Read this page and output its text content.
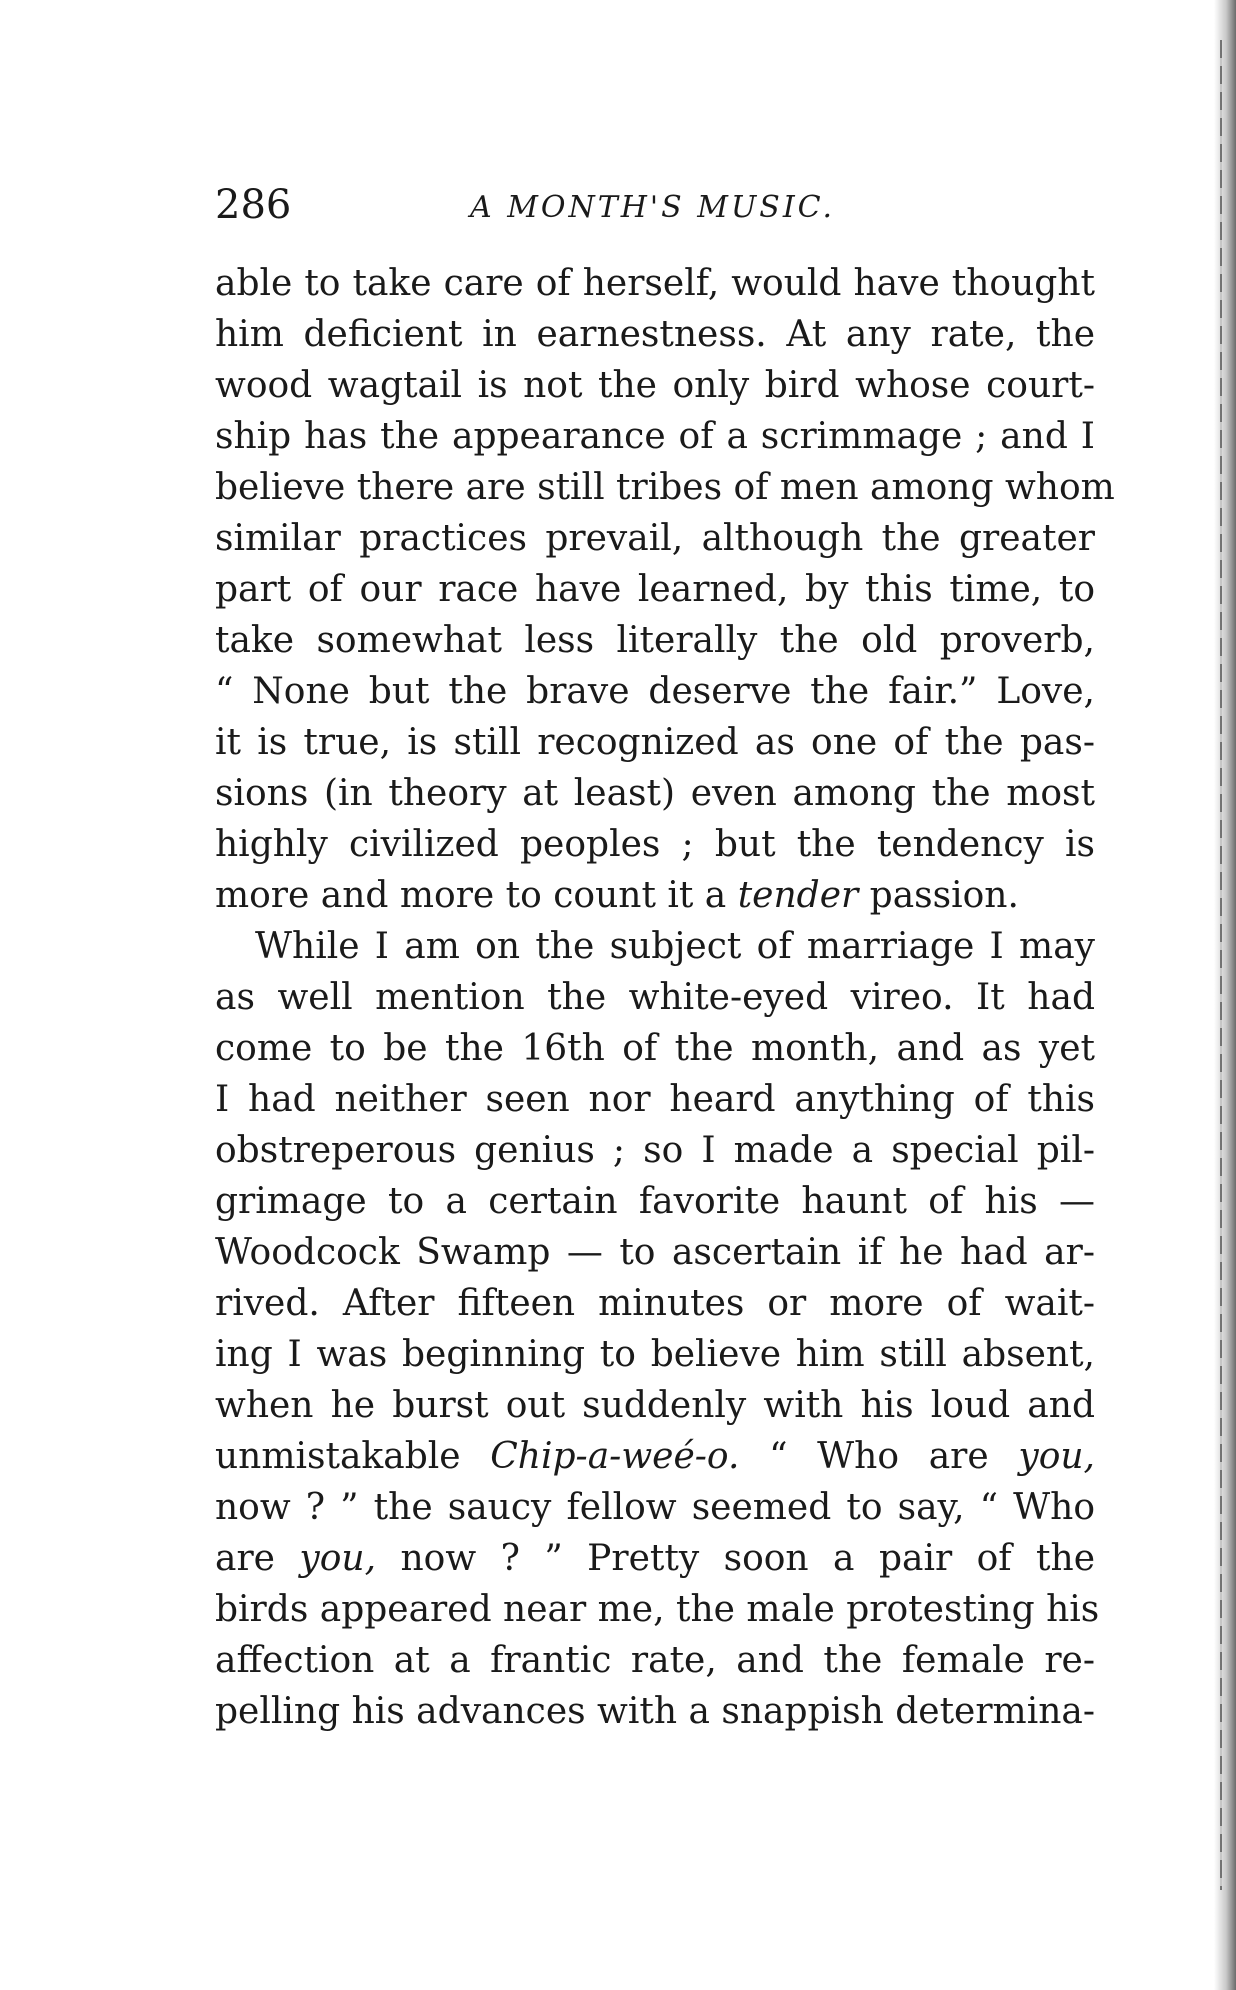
286	A MONTH'S MUSIC.
able to take care of herself, would have thought
him deficient in earnestness. At any rate, the
wood wagtail is not the only bird whose court-
ship has the appearance of a scrimmage ; and I
believe there are still tribes of men among whom
similar practices prevail, although the greater
part of our race have learned, by this time, to
take somewhat less literally the old proverb,
“ None but the brave deserve the fair.” Love,
it is true, is still recognized as one of the pas-
sions (in theory at least) even among the most
highly civilized peoples ; but the tendency is
more and more to count it a tender passion.
While I am on the subject of marriage I may
as well mention the white-eyed vireo. It had
come to be the 16th of the month, and as yet
I had neither seen nor heard anything of this
obstreperous genius ; so I made a special pil-
grimage to a certain favorite haunt of his —
Woodcock Swamp — to ascertain if he had ar-
rived. After fifteen minutes or more of wait-
ing I was beginning to believe him still absent,
when he burst out suddenly with his loud and
unmistakable Chip-a-weé-o. “ Who are you,
now ? ” the saucy fellow seemed to say, “ Who
are you, now ? ” Pretty soon a pair of the
birds appeared near me, the male protesting his
affection at a frantic rate, and the female re-
pelling his advances with a snappish determina-
